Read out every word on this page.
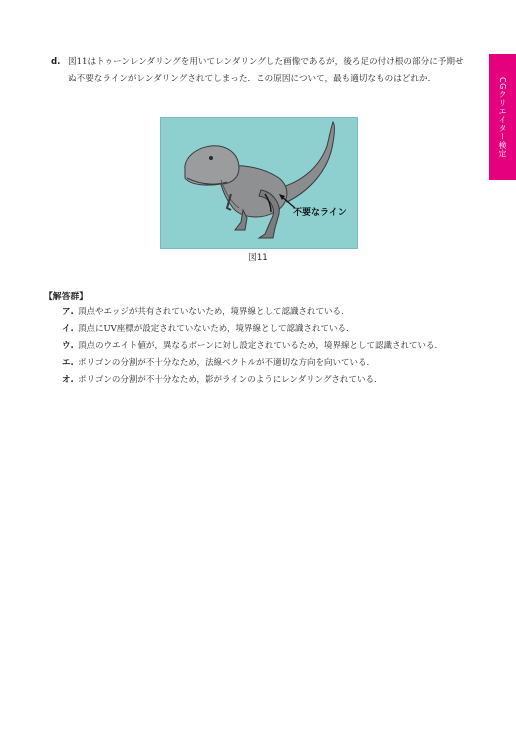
CGクリエイター検定
d. 図11はトゥーンレンダリングを用いてレンダリングした画像であるが，後ろ足の付け根の部分に予期せぬ不要なラインがレンダリングされてしまった．この原因について，最も適切なものはどれか.
不要なライン
図11
【解答群】
ア. 頂点やエッジが共有されていないため，境界線として認識されている.
イ. 頂点にUV座標が設定されていないため，境界線として認識されている.
ウ. 頂点のウエイト値が，異なるボーンに対し設定されているため，境界線として認識されている.
エ. ポリゴンの分割が不十分なため，法線ベクトルが不適切な方向を向いている.
オ. ポリゴンの分割が不十分なため，影がラインのようにレンダリングされている.
